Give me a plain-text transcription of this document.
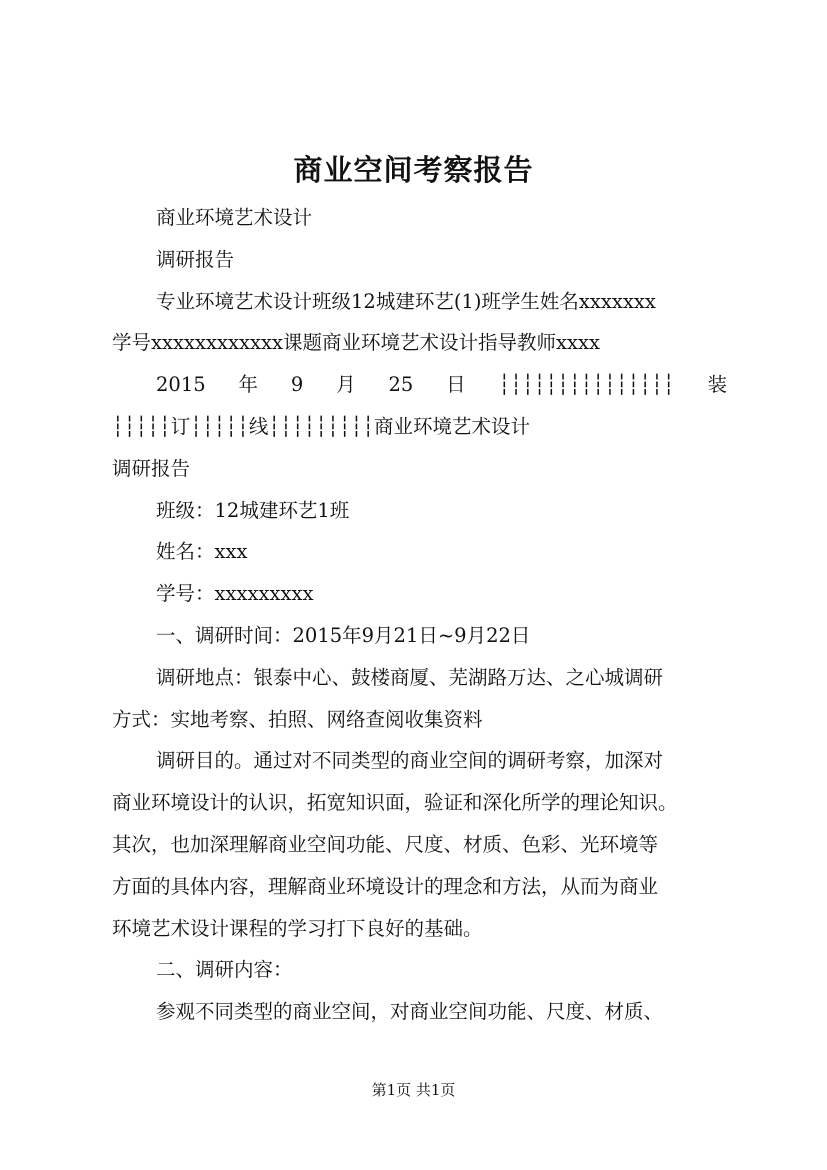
商业空间考察报告
商业环境艺术设计
调研报告
专业环境艺术设计班级12城建环艺(1)班学生姓名xxxxxxx
学号xxxxxxxxxxxx课题商业环境艺术设计指导教师xxxx
2015 年 9 月 25 日 ┆┆┆┆┆┆┆┆┆┆┆┆┆┆┆ 装
┆┆┆┆┆订┆┆┆┆┆线┆┆┆┆┆┆┆┆┆商业环境艺术设计
调研报告
班级：12城建环艺1班
姓名：xxx
学号：xxxxxxxxx
一、调研时间：2015年9月21日~9月22日
调研地点：银泰中心、鼓楼商厦、芜湖路万达、之心城调研
方式：实地考察、拍照、网络查阅收集资料
调研目的。通过对不同类型的商业空间的调研考察，加深对
商业环境设计的认识，拓宽知识面，验证和深化所学的理论知识。
其次，也加深理解商业空间功能、尺度、材质、色彩、光环境等
方面的具体内容，理解商业环境设计的理念和方法，从而为商业
环境艺术设计课程的学习打下良好的基础。
二、调研内容：
参观不同类型的商业空间，对商业空间功能、尺度、材质、
第1页 共1页
